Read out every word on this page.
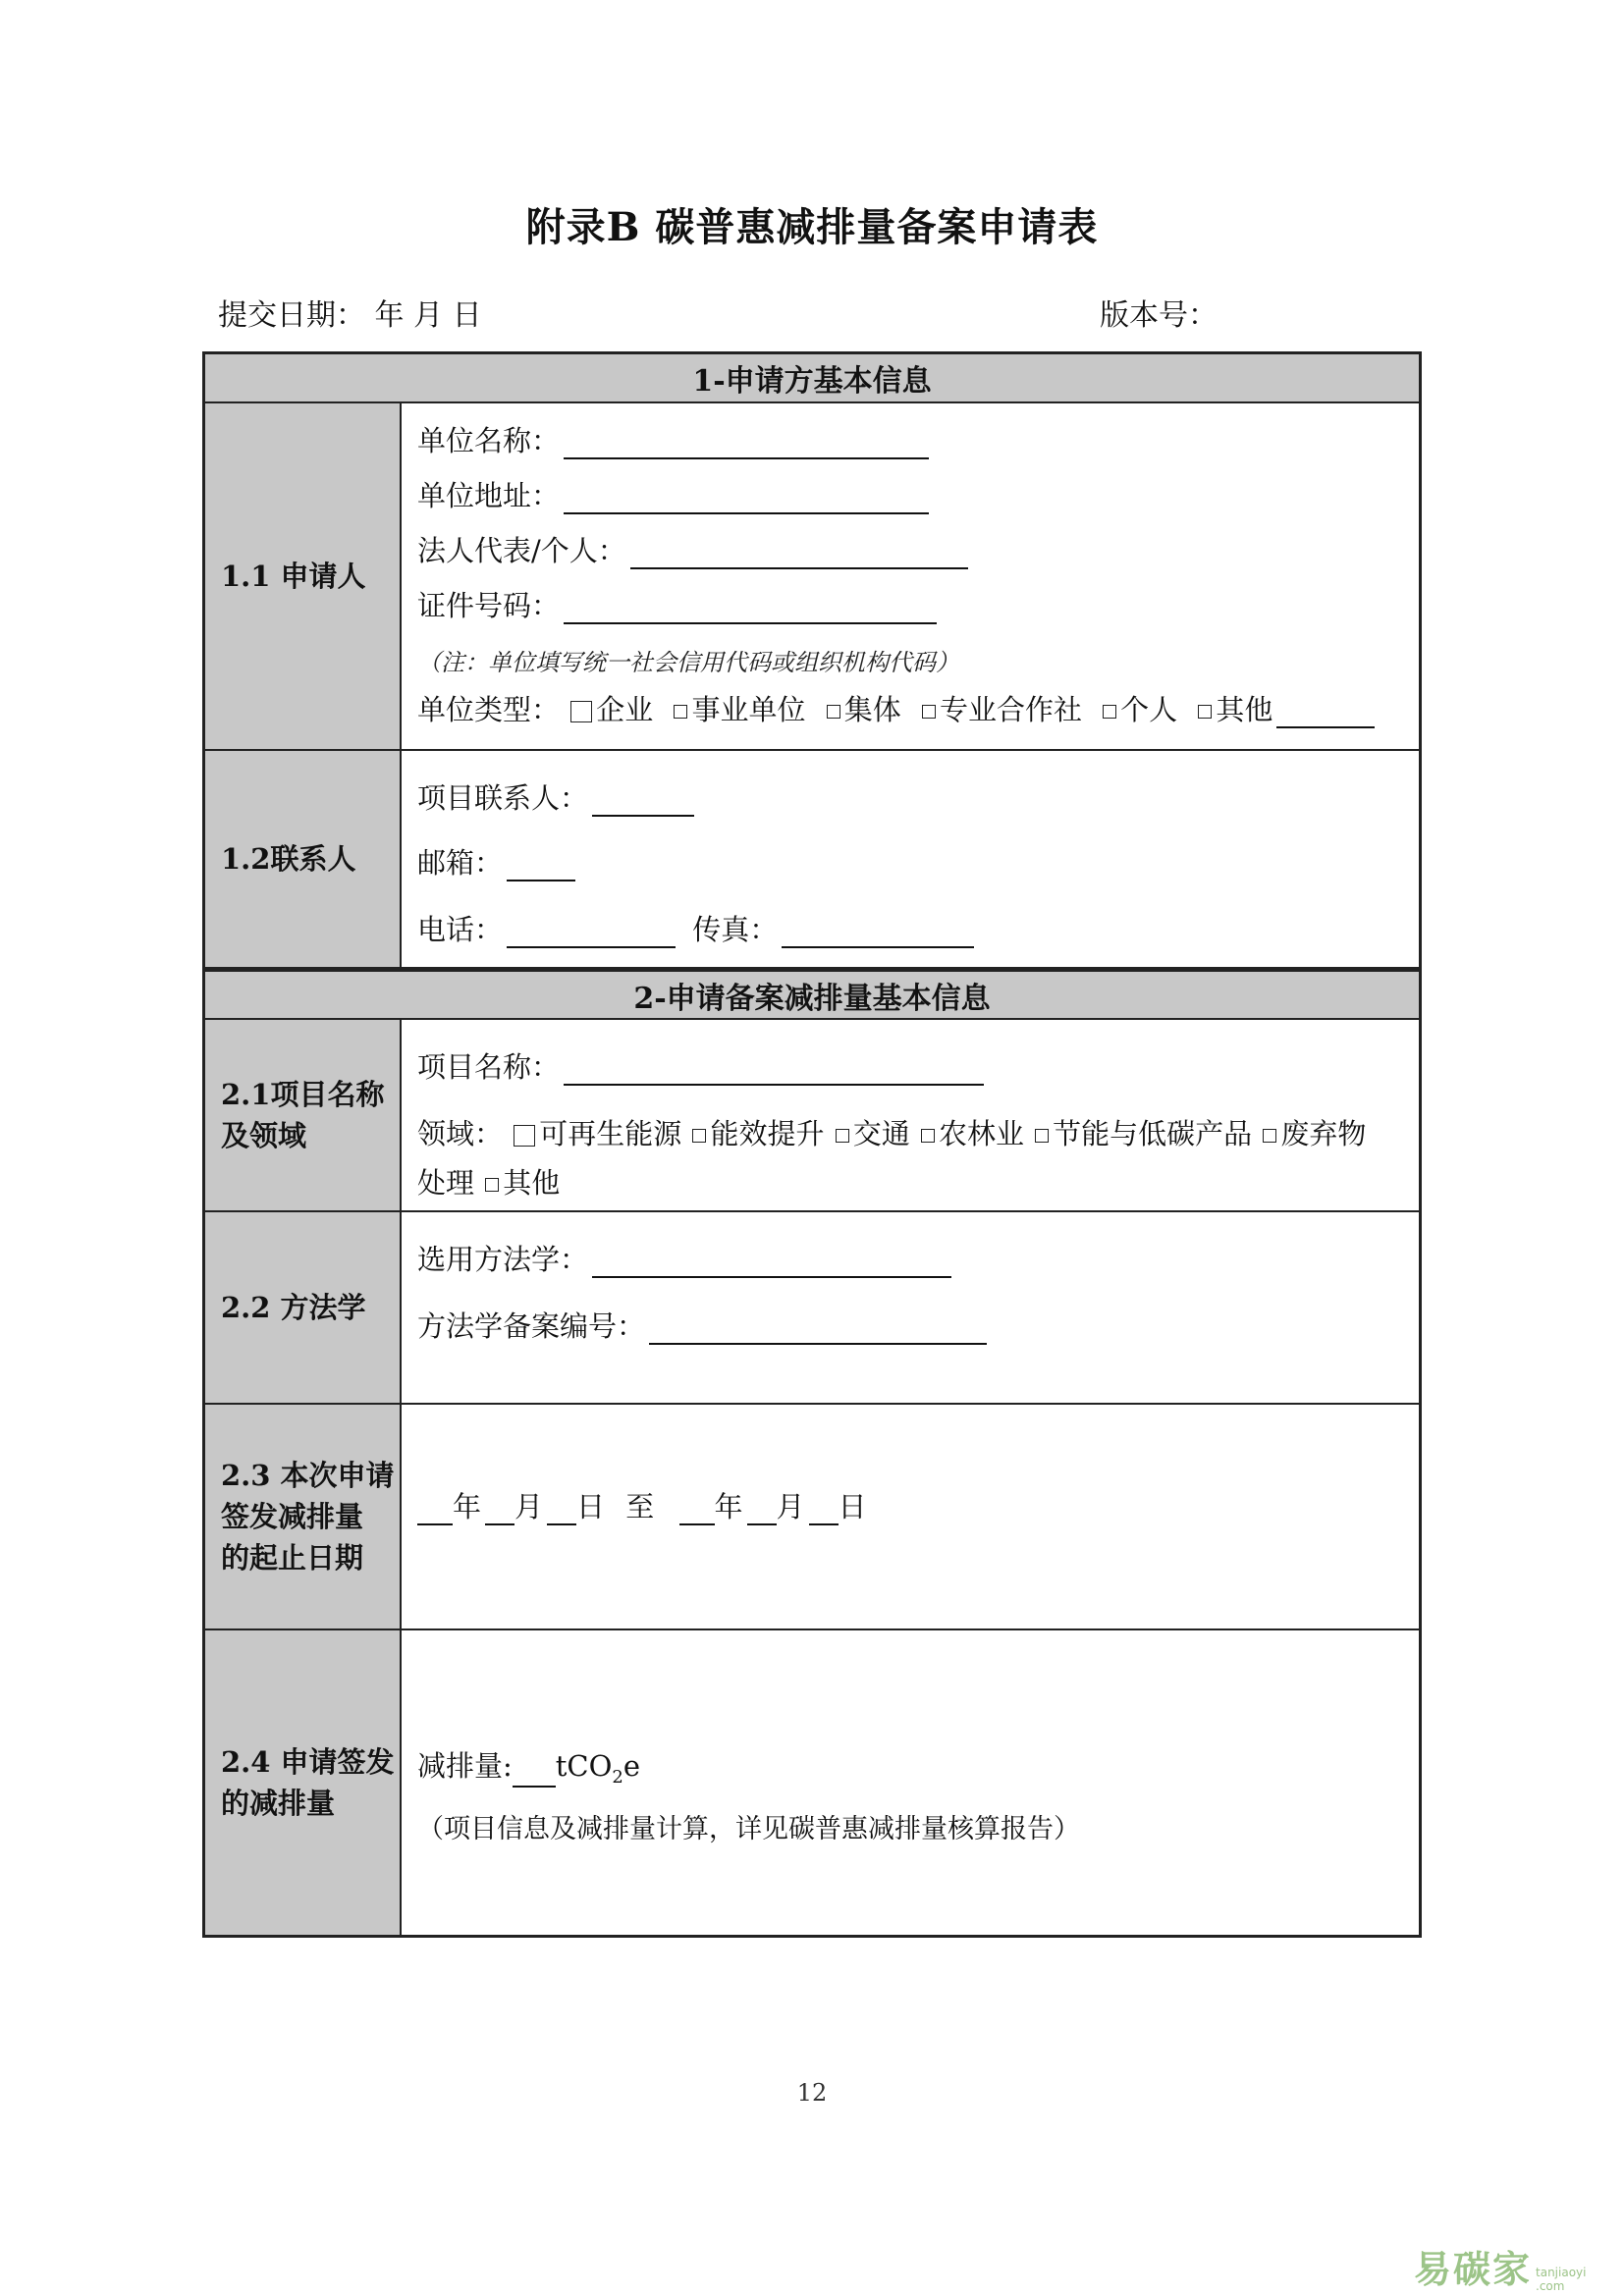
附录B 碳普惠减排量备案申请表
提交日期： 年 月 日	版本号：
1-申请方基本信息
1.1 申请人
单位名称：
单位地址：
法人代表/个人：
证件号码：
（注：单位填写统一社会信用代码或组织机构代码）
单位类型： 企业 事业单位 集体 专业合作社 个人 其他
1.2联系人
项目联系人：
邮箱：
电话：	传真：
2-申请备案减排量基本信息
2.1项目名称
及领域
项目名称：
领域： 可再生能源 能效提升 交通 农林业 节能与低碳产品 废弃物
处理 其他
2.2 方法学
选用方法学：
方法学备案编号：
2.3 本次申请
签发减排量
的起止日期
年 月 日 至 年 月 日
2.4 申请签发
的减排量
减排量: tCO$_2$e
（项目信息及减排量计算，详见碳普惠减排量核算报告）
12
易碳家 tanjiaoyi
.com
